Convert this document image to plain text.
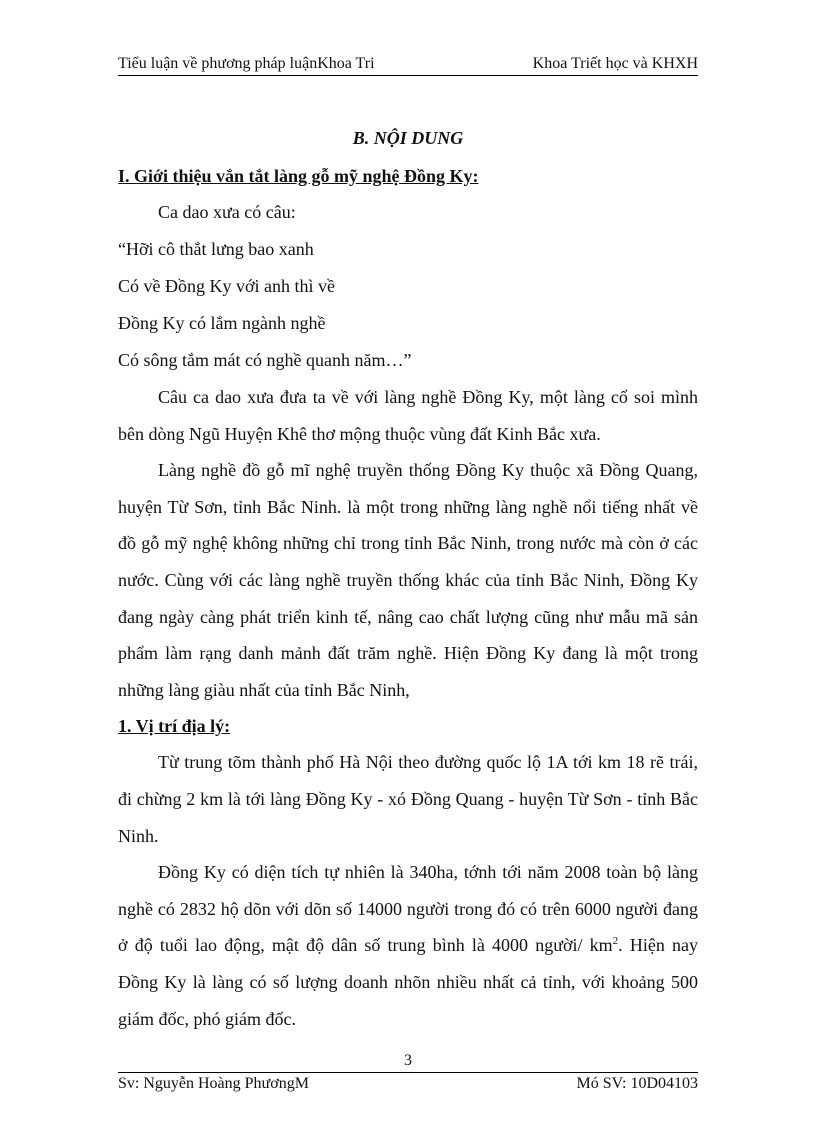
Tiểu luận về phương pháp luậnKhoa Tri	Khoa Triết học và KHXH
B. NỘI DUNG
I. Giới thiệu vắn tắt làng gỗ mỹ nghệ Đồng Ky:

Ca dao xưa có câu:

“Hỡi cô thắt lưng bao xanh

Có về Đồng Ky với anh thì về

Đồng Ky có lắm ngành nghề

Có sông tắm mát có nghề quanh năm…”

Câu ca dao xưa đưa ta về với làng nghề Đồng Ky, một làng cổ soi mình bên dòng Ngũ Huyện Khê thơ mộng thuộc vùng đất Kinh Bắc xưa.

Làng nghề đồ gỗ mĩ nghệ truyền thống Đồng Ky thuộc xã Đồng Quang, huyện Từ Sơn, tỉnh Bắc Ninh. là một trong những làng nghề nổi tiếng nhất về đồ gỗ mỹ nghệ không những chỉ trong tỉnh Bắc Ninh, trong nước mà còn ở các nước. Cùng với các làng nghề truyền thống khác của tỉnh Bắc Ninh, Đồng Ky đang ngày càng phát triển kinh tế, nâng cao chất lượng cũng như mẫu mã sản phẩm làm rạng danh mảnh đất trăm nghề. Hiện Đồng Ky đang là một trong những làng giàu nhất của tỉnh Bắc Ninh,

1. Vị trí địa lý:

Từ trung tõm thành phố Hà Nội theo đường quốc lộ 1A tới km 18 rẽ trái, đi chừng 2 km là tới làng Đồng Ky - xó Đồng Quang - huyện Từ Sơn - tỉnh Bắc Ninh.

Đồng Ky có diện tích tự nhiên là 340ha, tớnh tới năm 2008 toàn bộ làng nghề có 2832 hộ dõn với dõn số 14000 người trong đó có trên 6000 người đang ở độ tuổi lao động, mật độ dân số trung bình là 4000 người/ $km^2$. Hiện nay Đồng Ky là làng có số lượng doanh nhõn nhiều nhất cả tỉnh, với khoảng 500 giám đốc, phó giám đốc.

3
Sv: Nguyễn Hoàng PhươngM	Mó SV: 10D04103
